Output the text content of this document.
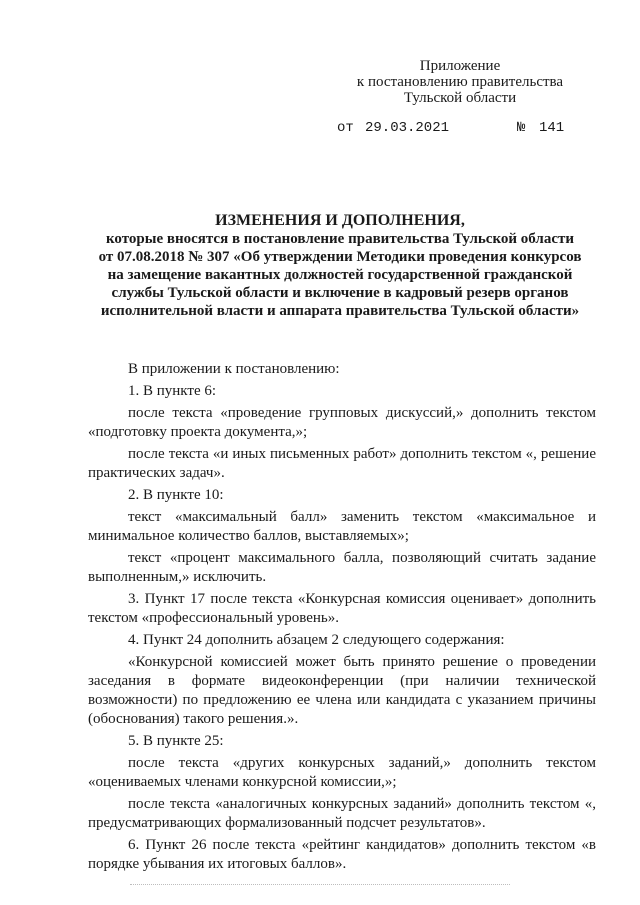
Приложение
к постановлению правительства
Тульской области
от 29.03.2021	№ 141
ИЗМЕНЕНИЯ И ДОПОЛНЕНИЯ,
которые вносятся в постановление правительства Тульской области
от 07.08.2018 № 307 «Об утверждении Методики проведения конкурсов
на замещение вакантных должностей государственной гражданской
службы Тульской области и включение в кадровый резерв органов
исполнительной власти и аппарата правительства Тульской области»

В приложении к постановлению:

1. В пункте 6:

после текста «проведение групповых дискуссий,» дополнить текстом «подготовку проекта документа,»;

после текста «и иных письменных работ» дополнить текстом «, решение практических задач».

2. В пункте 10:

текст «максимальный балл» заменить текстом «максимальное и минимальное количество баллов, выставляемых»;

текст «процент максимального балла, позволяющий считать задание выполненным,» исключить.

3. Пункт 17 после текста «Конкурсная комиссия оценивает» дополнить текстом «профессиональный уровень».

4. Пункт 24 дополнить абзацем 2 следующего содержания:

«Конкурсной комиссией может быть принято решение о проведении заседания в формате видеоконференции (при наличии технической возможности) по предложению ее члена или кандидата с указанием причины (обоснования) такого решения.».

5. В пункте 25:

после текста «других конкурсных заданий,» дополнить текстом «оцениваемых членами конкурсной комиссии,»;

после текста «аналогичных конкурсных заданий» дополнить текстом «, предусматривающих формализованный подсчет результатов».

6. Пункт 26 после текста «рейтинг кандидатов» дополнить текстом «в порядке убывания их итоговых баллов».
